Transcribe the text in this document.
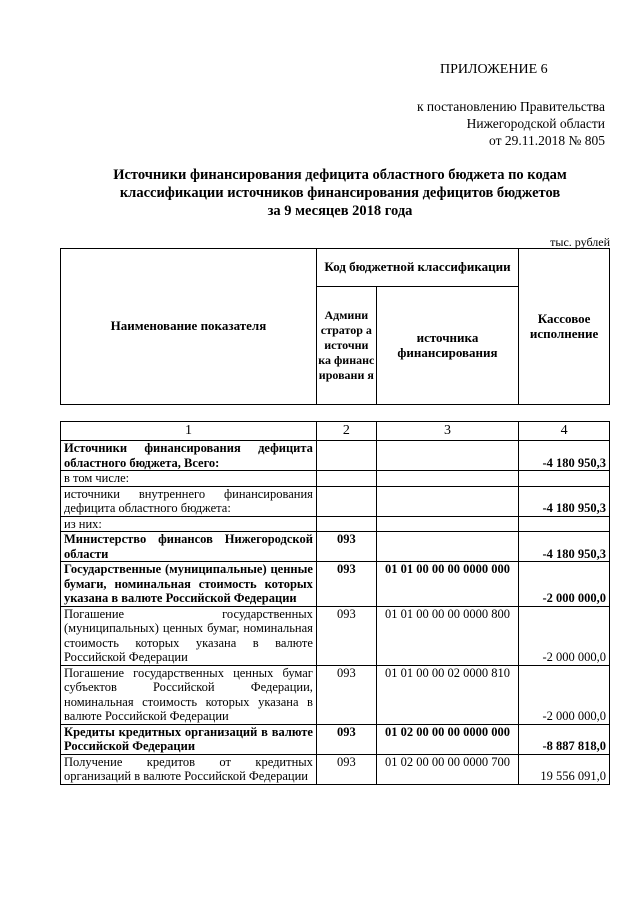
ПРИЛОЖЕНИЕ 6
к постановлению Правительства
Нижегородской области
от 29.11.2018 № 805
Источники финансирования дефицита областного бюджета по кодам
классификации источников финансирования дефицитов бюджетов
за 9 месяцев 2018 года
тыс. рублей
Наименование показателя	Код бюджетной классификации		Кассовое исполнение
	Админи стратор а источни ка финанс ировани я	источника финансирования	
1	2	3	4
Источники финансирования дефицита областного бюджета, Всего:			-4 180 950,3
в том числе:			
источники внутреннего финансирования дефицита областного бюджета:			-4 180 950,3
из них:			
Министерство финансов Нижегородской области	093		-4 180 950,3
Государственные (муниципальные) ценные бумаги, номинальная стоимость которых указана в валюте Российской Федерации	093	01 01 00 00 00 0000 000	-2 000 000,0
Погашение государственных (муниципальных) ценных бумаг, номинальная стоимость которых указана в валюте Российской Федерации	093	01 01 00 00 00 0000 800	-2 000 000,0
Погашение государственных ценных бумаг субъектов Российской Федерации, номинальная стоимость которых указана в валюте Российской Федерации	093	01 01 00 00 02 0000 810	-2 000 000,0
Кредиты кредитных организаций в валюте Российской Федерации	093	01 02 00 00 00 0000 000	-8 887 818,0
Получение кредитов от кредитных организаций в валюте Российской Федерации	093	01 02 00 00 00 0000 700	19 556 091,0
